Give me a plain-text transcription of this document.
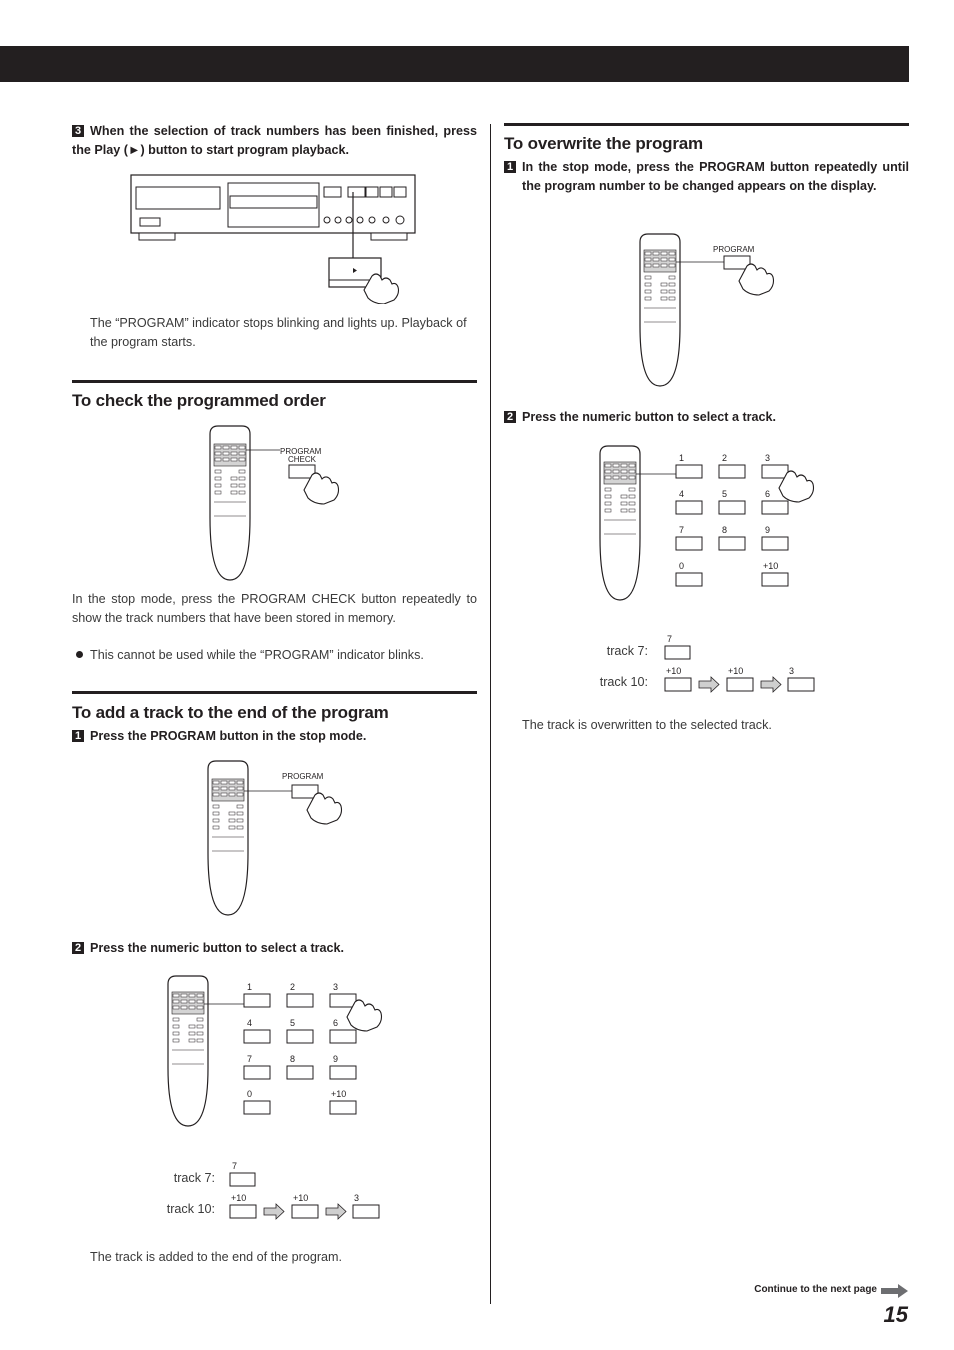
3 When the selection of track numbers has been finished, press the Play (►) button to start program playback.
The “PROGRAM” indicator stops blinking and lights up. Playback of the program starts.
To check the programmed order
PROGRAM
CHECK
In the stop mode, press the PROGRAM CHECK button repeatedly to show the track numbers that have been stored in memory.
This cannot be used while the “PROGRAM” indicator blinks.
To add a track to the end of the program
1 Press the PROGRAM button in the stop mode.
PROGRAM
2 Press the numeric button to select a track.
1	2	3
4	5	6
7	8	9
0	+10
track 7:
track 10:
7
+10	+10	3
The track is added to the end of the program.
To overwrite the program
1 In the stop mode, press the PROGRAM button repeatedly until the program number to be changed appears on the display.
PROGRAM
2 Press the numeric button to select a track.
1	2	3
4	5	6
7	8	9
0	+10
track 7:
track 10:
7
+10	+10	3
The track is overwritten to the selected track.
Continue to the next page
15
